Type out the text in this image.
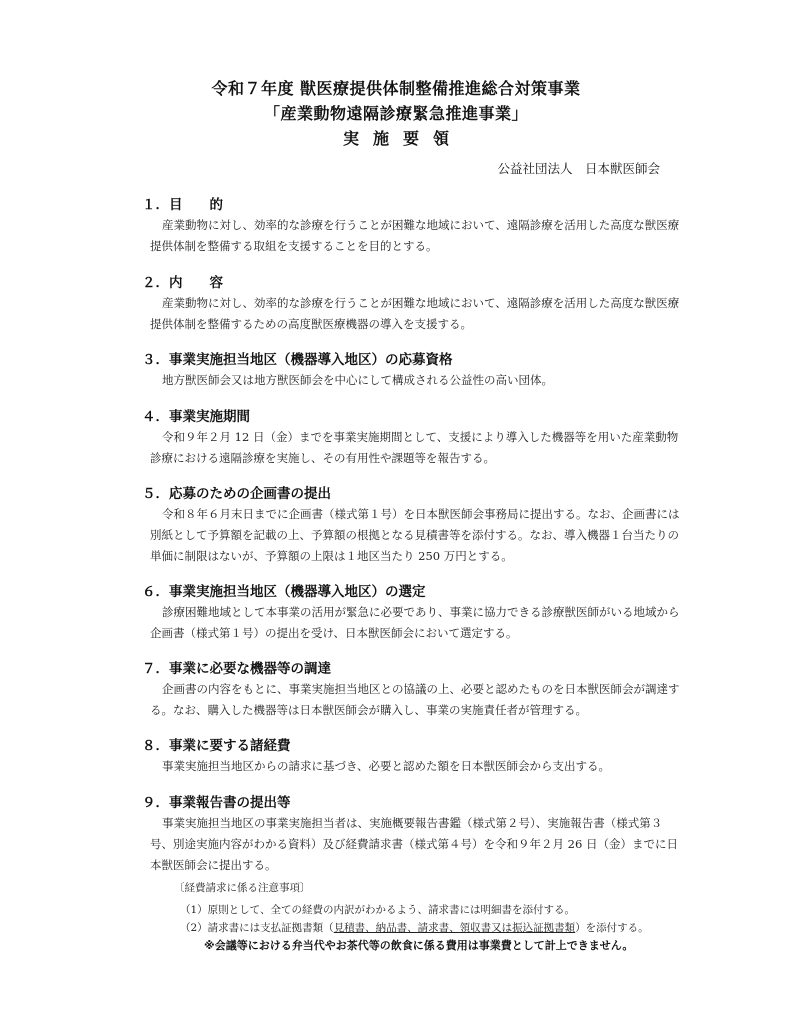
令和７年度 獣医療提供体制整備推進総合対策事業
「産業動物遠隔診療緊急推進事業」
実施要領
公益社団法人　日本獣医師会
１．目　　的
産業動物に対し、効率的な診療を行うことが困難な地域において、遠隔診療を活用した高度な獣医療提供体制を整備する取組を支援することを目的とする。
２．内　　容
産業動物に対し、効率的な診療を行うことが困難な地域において、遠隔診療を活用した高度な獣医療提供体制を整備するための高度獣医療機器の導入を支援する。
３．事業実施担当地区（機器導入地区）の応募資格
地方獣医師会又は地方獣医師会を中心にして構成される公益性の高い団体。
４．事業実施期間
令和９年２月 12 日（金）までを事業実施期間として、支援により導入した機器等を用いた産業動物診療における遠隔診療を実施し、その有用性や課題等を報告する。
５．応募のための企画書の提出
令和８年６月末日までに企画書（様式第１号）を日本獣医師会事務局に提出する。なお、企画書には別紙として予算額を記載の上、予算額の根拠となる見積書等を添付する。なお、導入機器１台当たりの単価に制限はないが、予算額の上限は１地区当たり 250 万円とする。
６．事業実施担当地区（機器導入地区）の選定
診療困難地域として本事業の活用が緊急に必要であり、事業に協力できる診療獣医師がいる地域から企画書（様式第１号）の提出を受け、日本獣医師会において選定する。
７．事業に必要な機器等の調達
企画書の内容をもとに、事業実施担当地区との協議の上、必要と認めたものを日本獣医師会が調達する。なお、購入した機器等は日本獣医師会が購入し、事業の実施責任者が管理する。
８．事業に要する諸経費
事業実施担当地区からの請求に基づき、必要と認めた額を日本獣医師会から支出する。
９．事業報告書の提出等
事業実施担当地区の事業実施担当者は、実施概要報告書鑑（様式第２号）、実施報告書（様式第３号、別途実施内容がわかる資料）及び経費請求書（様式第４号）を令和９年２月 26 日（金）までに日本獣医師会に提出する。
〔経費請求に係る注意事項〕
（1）原則として、全ての経費の内訳がわかるよう、請求書には明細書を添付する。
（2）請求書には支払証拠書類（見積書、納品書、請求書、領収書又は振込証拠書類）を添付する。
※会議等における弁当代やお茶代等の飲食に係る費用は事業費として計上できません。
